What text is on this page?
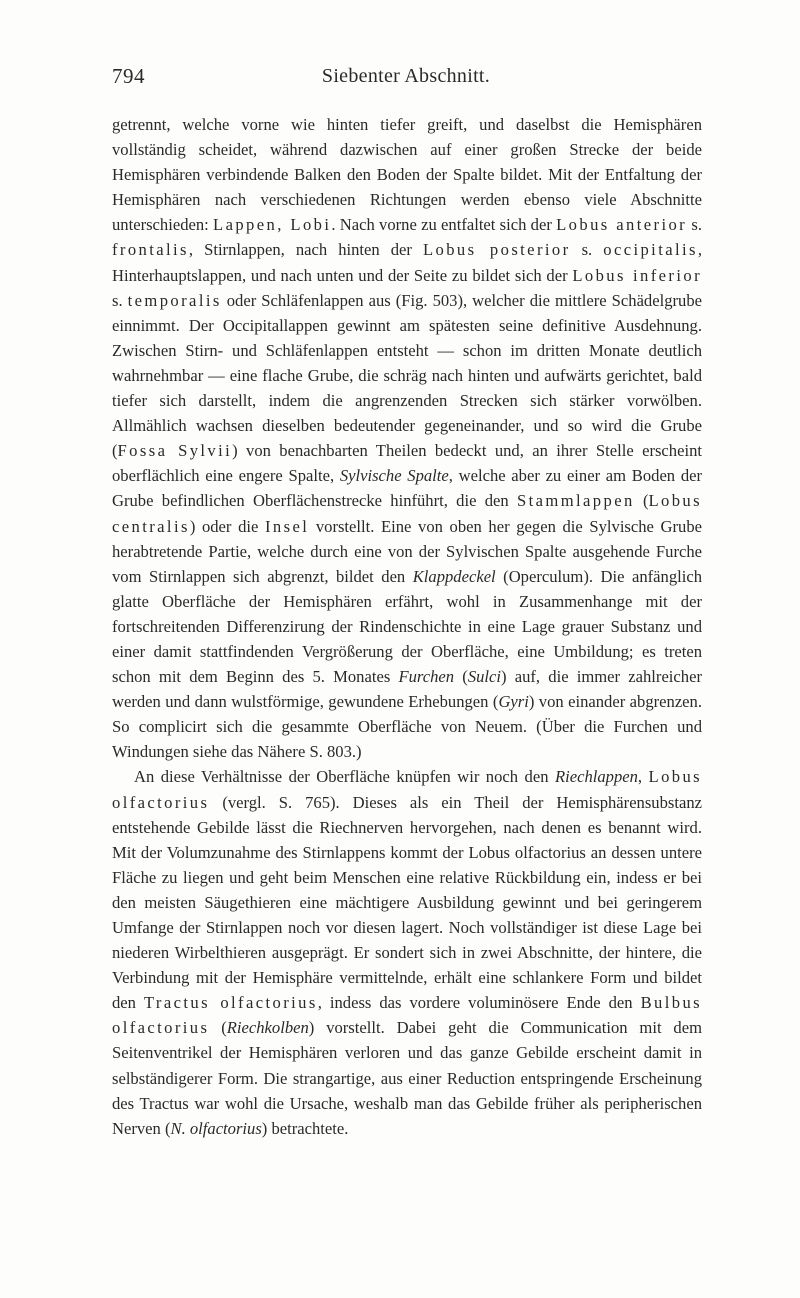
794	Siebenter Abschnitt.

getrennt, welche vorne wie hinten tiefer greift, und daselbst die Hemisphären vollständig scheidet, während dazwischen auf einer großen Strecke der beide Hemisphären verbindende Balken den Boden der Spalte bildet. Mit der Entfaltung der Hemisphären nach verschiedenen Richtungen werden ebenso viele Abschnitte unterschieden: Lappen, Lobi. Nach vorne zu entfaltet sich der Lobus anterior s. frontalis, Stirnlappen, nach hinten der Lobus posterior s. occipitalis, Hinterhauptslappen, und nach unten und der Seite zu bildet sich der Lobus inferior s. temporalis oder Schläfenlappen aus (Fig. 503), welcher die mittlere Schädelgrube einnimmt. Der Occipitallappen gewinnt am spätesten seine definitive Ausdehnung. Zwischen Stirn- und Schläfenlappen entsteht — schon im dritten Monate deutlich wahrnehmbar — eine flache Grube, die schräg nach hinten und aufwärts gerichtet, bald tiefer sich darstellt, indem die angrenzenden Strecken sich stärker vorwölben. Allmählich wachsen dieselben bedeutender gegeneinander, und so wird die Grube (Fossa Sylvii) von benachbarten Theilen bedeckt und, an ihrer Stelle erscheint oberflächlich eine engere Spalte, Sylvische Spalte, welche aber zu einer am Boden der Grube befindlichen Oberflächenstrecke hinführt, die den Stammlappen (Lobus centralis) oder die Insel vorstellt. Eine von oben her gegen die Sylvische Grube herabtretende Partie, welche durch eine von der Sylvischen Spalte ausgehende Furche vom Stirnlappen sich abgrenzt, bildet den Klappdeckel (Operculum). Die anfänglich glatte Oberfläche der Hemisphären erfährt, wohl in Zusammenhange mit der fortschreitenden Differenzirung der Rindenschichte in eine Lage grauer Substanz und einer damit stattfindenden Vergrößerung der Oberfläche, eine Umbildung; es treten schon mit dem Beginn des 5. Monates Furchen (Sulci) auf, die immer zahlreicher werden und dann wulstförmige, gewundene Erhebungen (Gyri) von einander abgrenzen. So complicirt sich die gesammte Oberfläche von Neuem. (Über die Furchen und Windungen siehe das Nähere S. 803.)

An diese Verhältnisse der Oberfläche knüpfen wir noch den Riechlappen, Lobus olfactorius (vergl. S. 765). Dieses als ein Theil der Hemisphärensubstanz entstehende Gebilde lässt die Riechnerven hervorgehen, nach denen es benannt wird. Mit der Volumzunahme des Stirnlappens kommt der Lobus olfactorius an dessen untere Fläche zu liegen und geht beim Menschen eine relative Rückbildung ein, indess er bei den meisten Säugethieren eine mächtigere Ausbildung gewinnt und bei geringerem Umfange der Stirnlappen noch vor diesen lagert. Noch vollständiger ist diese Lage bei niederen Wirbelthieren ausgeprägt. Er sondert sich in zwei Abschnitte, der hintere, die Verbindung mit der Hemisphäre vermittelnde, erhält eine schlankere Form und bildet den Tractus olfactorius, indess das vordere voluminösere Ende den Bulbus olfactorius (Riechkolben) vorstellt. Dabei geht die Communication mit dem Seitenventrikel der Hemisphären verloren und das ganze Gebilde erscheint damit in selbständigerer Form. Die strangartige, aus einer Reduction entspringende Erscheinung des Tractus war wohl die Ursache, weshalb man das Gebilde früher als peripherischen Nerven (N. olfactorius) betrachtete.
